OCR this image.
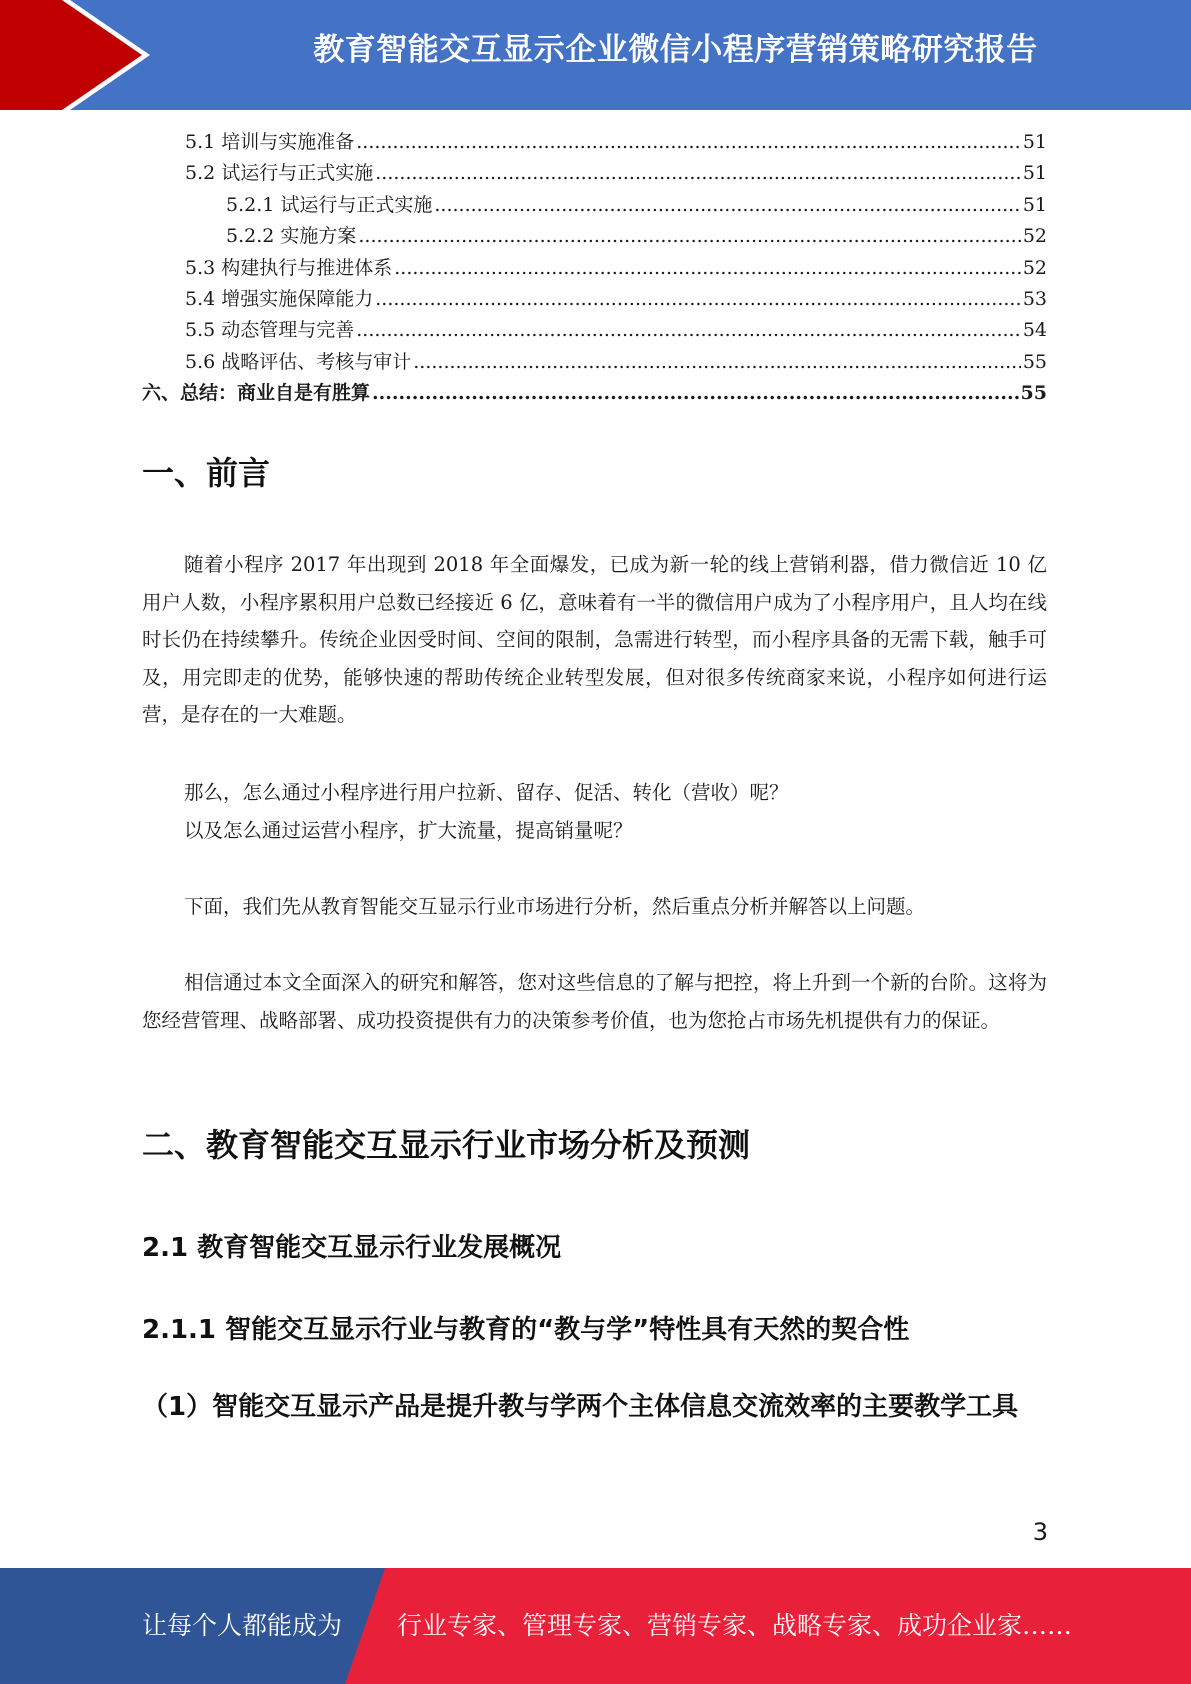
教育智能交互显示企业微信小程序营销策略研究报告
5.1 培训与实施准备 .....	51
5.2 试运行与正式实施 .....	51
5.2.1 试运行与正式实施 .....	51
5.2.2 实施方案 .....	52
5.3 构建执行与推进体系 .....	52
5.4 增强实施保障能力 .....	53
5.5 动态管理与完善 .....	54
5.6 战略评估、考核与审计 .....	55
六、总结：商业自是有胜算 .....	55
一、前言
随着小程序 2017 年出现到 2018 年全面爆发，已成为新一轮的线上营销利器，借力微信近 10 亿用户人数，小程序累积用户总数已经接近 6 亿，意味着有一半的微信用户成为了小程序用户，且人均在线时长仍在持续攀升。传统企业因受时间、空间的限制，急需进行转型，而小程序具备的无需下载，触手可及，用完即走的优势，能够快速的帮助传统企业转型发展，但对很多传统商家来说，小程序如何进行运营，是存在的一大难题。
那么，怎么通过小程序进行用户拉新、留存、促活、转化（营收）呢？
以及怎么通过运营小程序，扩大流量，提高销量呢？
下面，我们先从教育智能交互显示行业市场进行分析，然后重点分析并解答以上问题。
相信通过本文全面深入的研究和解答，您对这些信息的了解与把控，将上升到一个新的台阶。这将为您经营管理、战略部署、成功投资提供有力的决策参考价值，也为您抢占市场先机提供有力的保证。
二、教育智能交互显示行业市场分析及预测
2.1 教育智能交互显示行业发展概况
2.1.1 智能交互显示行业与教育的“教与学”特性具有天然的契合性
（1）智能交互显示产品是提升教与学两个主体信息交流效率的主要教学工具
3
让每个人都能成为 行业专家、管理专家、营销专家、战略专家、成功企业家……
